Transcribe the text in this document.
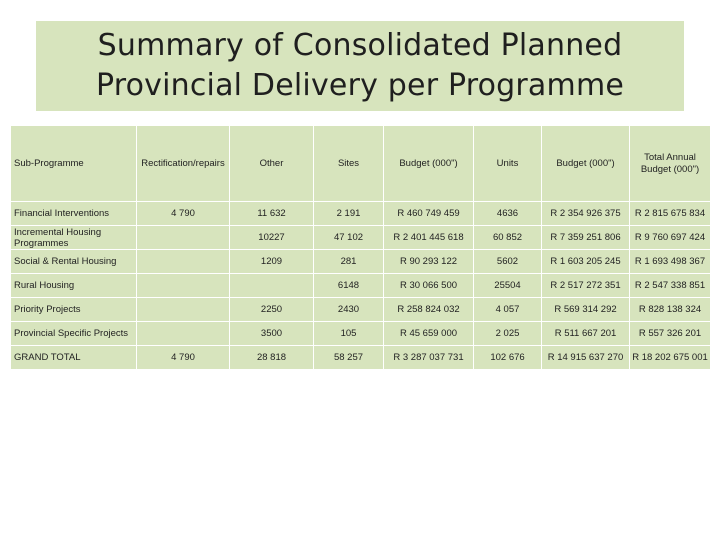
Summary of Consolidated Planned
Provincial Delivery per Programme
Sub-Programme	Rectification/repairs	Other	Sites	Budget (000")	Units	Budget (000")	Total Annual Budget (000")
Financial Interventions	4 790	11 632	2 191	R 460 749 459	4636	R 2 354 926 375	R 2 815 675 834
Incremental Housing Programmes		10227	47 102	R 2 401 445 618	60 852	R 7 359 251 806	R 9 760 697 424
Social & Rental Housing		1209	281	R 90 293 122	5602	R 1 603 205 245	R 1 693 498 367
Rural Housing			6148	R 30 066 500	25504	R 2 517 272 351	R 2 547 338 851
Priority Projects		2250	2430	R 258 824 032	4 057	R 569 314 292	R 828 138 324
Provincial Specific Projects		3500	105	R 45 659 000	2 025	R 511 667 201	R 557 326 201
GRAND TOTAL	4 790	28 818	58 257	R 3 287 037 731	102 676	R 14 915 637 270	R 18 202 675 001
